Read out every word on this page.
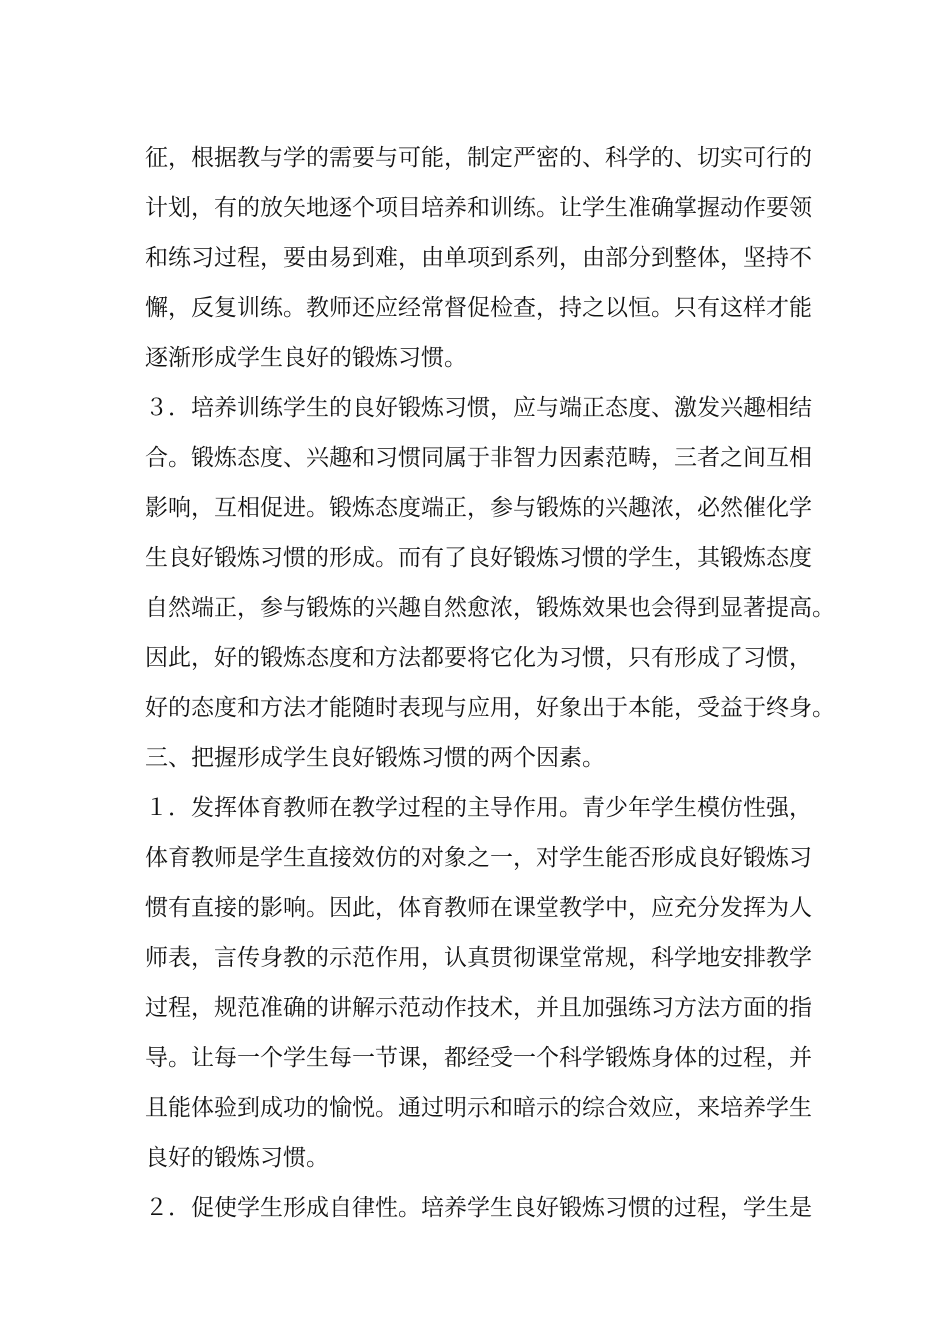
征，根据教与学的需要与可能，制定严密的、科学的、切实可行的
计划，有的放矢地逐个项目培养和训练。让学生准确掌握动作要领
和练习过程，要由易到难，由单项到系列，由部分到整体，坚持不
懈，反复训练。教师还应经常督促检查，持之以恒。只有这样才能
逐渐形成学生良好的锻炼习惯。
３．培养训练学生的良好锻炼习惯，应与端正态度、激发兴趣相结
合。锻炼态度、兴趣和习惯同属于非智力因素范畴，三者之间互相
影响，互相促进。锻炼态度端正，参与锻炼的兴趣浓，必然催化学
生良好锻炼习惯的形成。而有了良好锻炼习惯的学生，其锻炼态度
自然端正，参与锻炼的兴趣自然愈浓，锻炼效果也会得到显著提高。
因此，好的锻炼态度和方法都要将它化为习惯，只有形成了习惯，
好的态度和方法才能随时表现与应用，好象出于本能，受益于终身。
三、把握形成学生良好锻炼习惯的两个因素。
１．发挥体育教师在教学过程的主导作用。青少年学生模仿性强，
体育教师是学生直接效仿的对象之一，对学生能否形成良好锻炼习
惯有直接的影响。因此，体育教师在课堂教学中，应充分发挥为人
师表，言传身教的示范作用，认真贯彻课堂常规，科学地安排教学
过程，规范准确的讲解示范动作技术，并且加强练习方法方面的指
导。让每一个学生每一节课，都经受一个科学锻炼身体的过程，并
且能体验到成功的愉悦。通过明示和暗示的综合效应，来培养学生
良好的锻炼习惯。
２．促使学生形成自律性。培养学生良好锻炼习惯的过程，学生是
